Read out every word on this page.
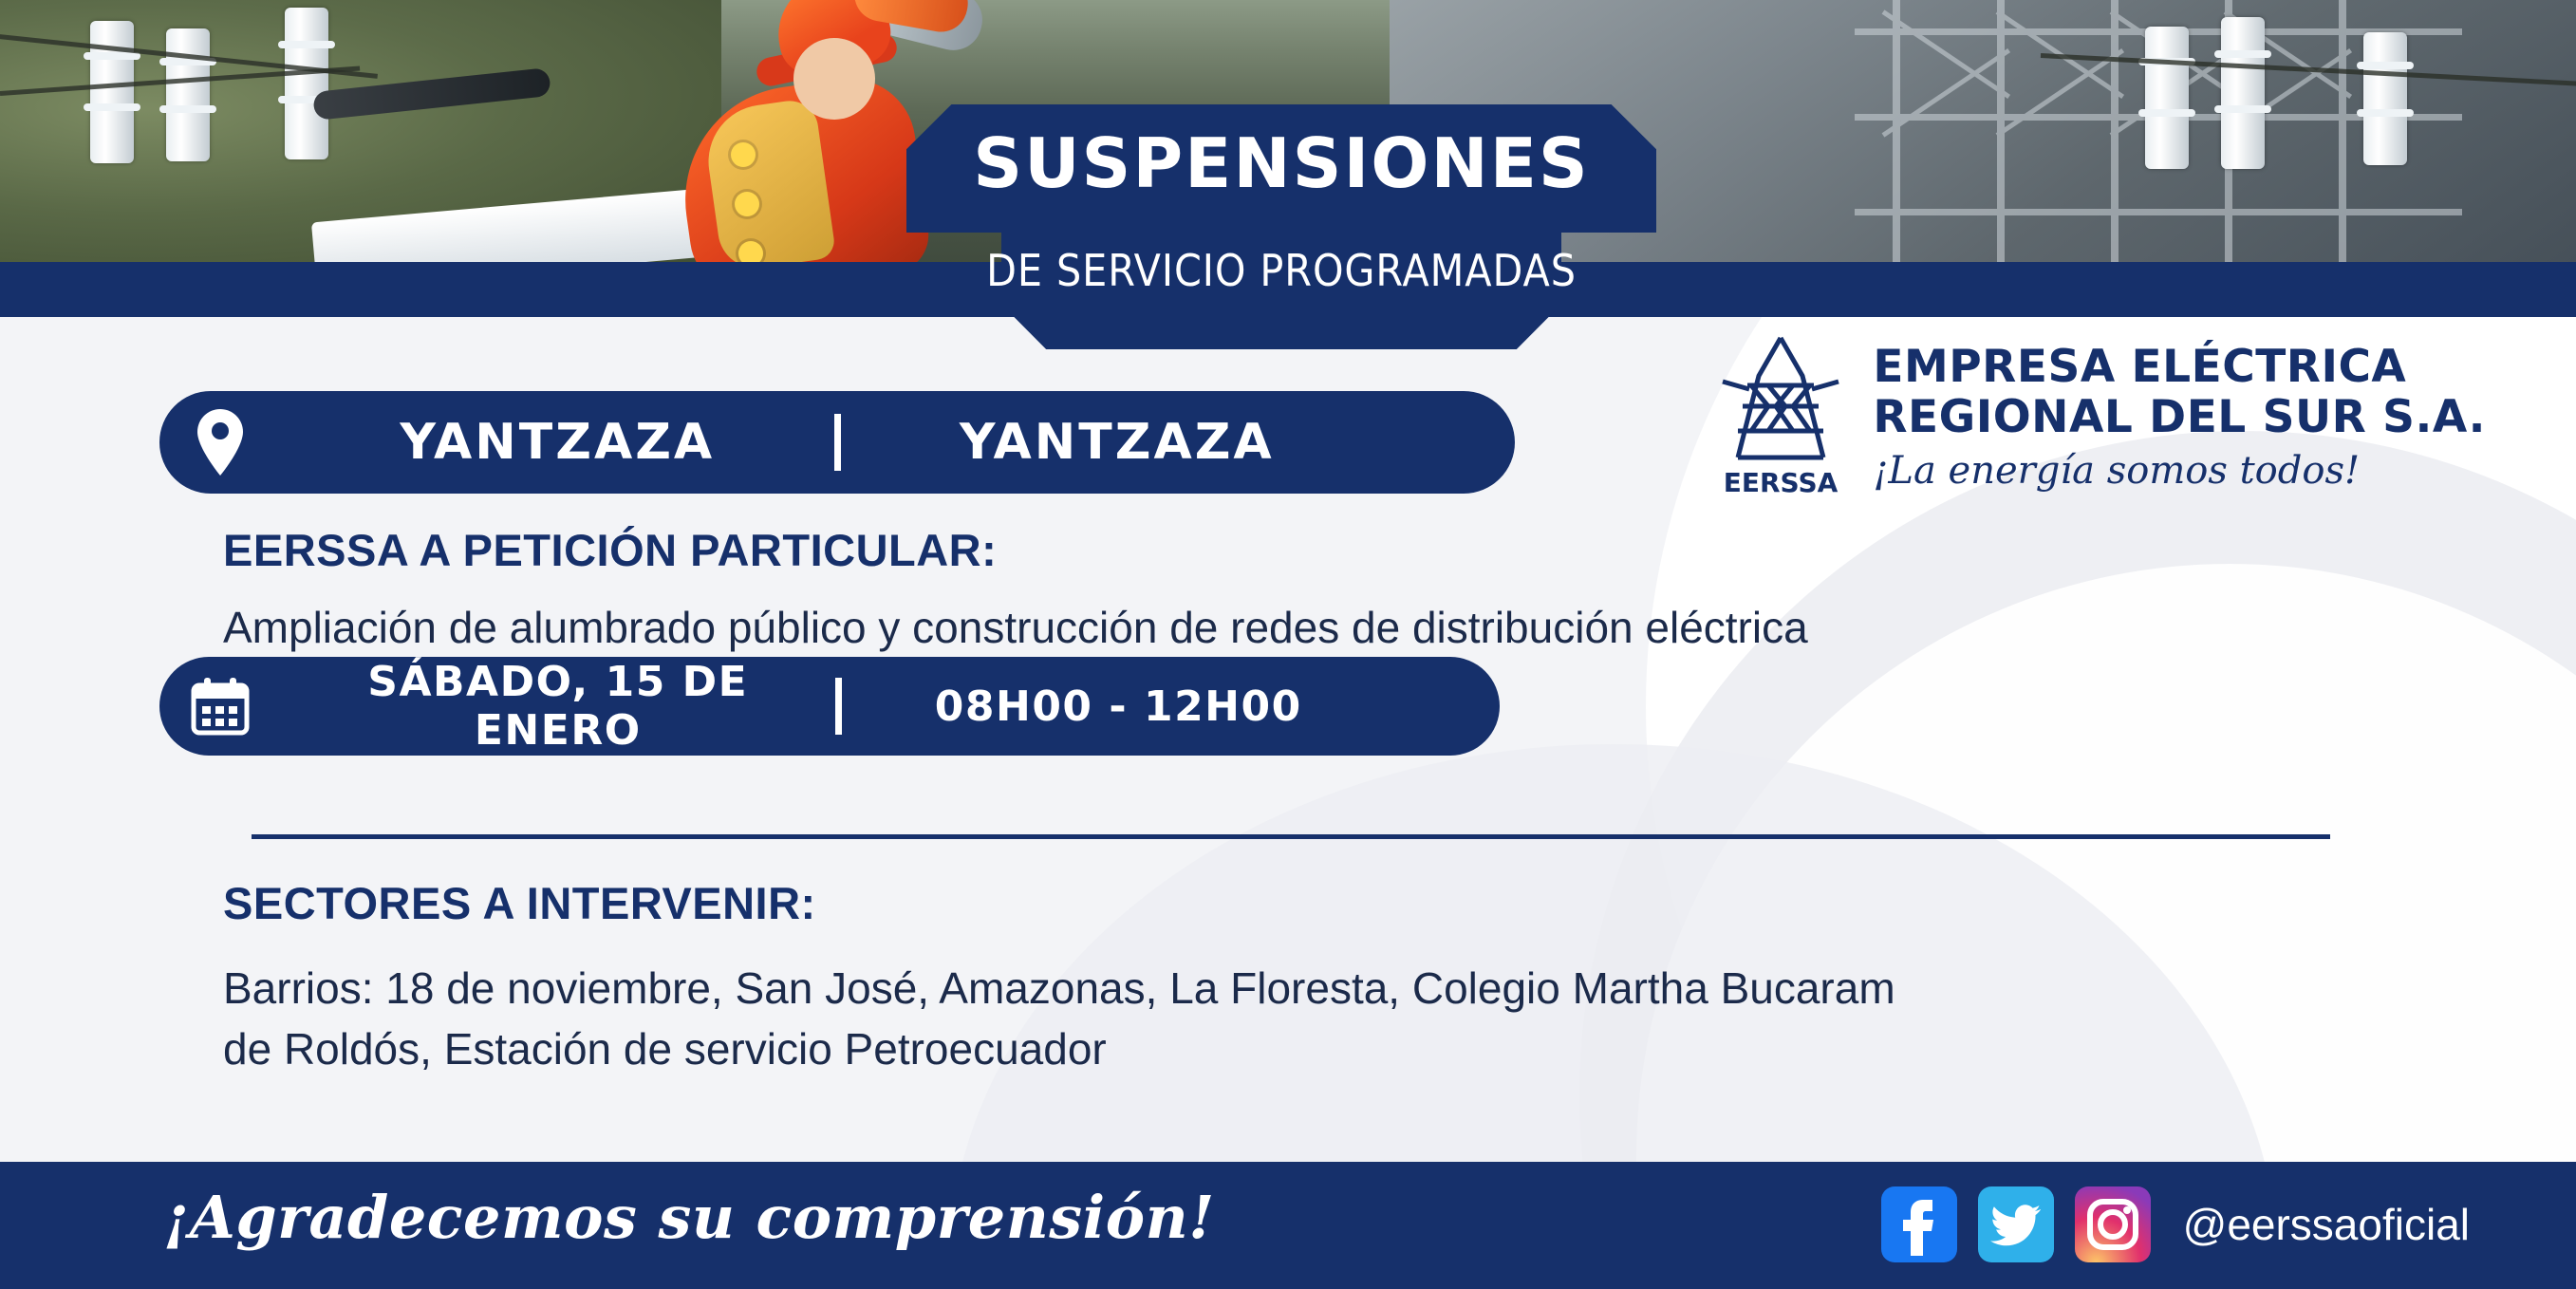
SUSPENSIONES
DE SERVICIO PROGRAMADAS
EERSSA
EMPRESA ELÉCTRICA
REGIONAL DEL SUR S.A.
¡La energía somos todos!
YANTZAZA	YANTZAZA
EERSSA A PETICIÓN PARTICULAR:
Ampliación de alumbrado público y construcción de redes de distribución eléctrica
SÁBADO, 15 DE ENERO	08H00 - 12H00
SECTORES A INTERVENIR:
Barrios: 18 de noviembre, San José, Amazonas, La Floresta, Colegio Martha Bucaram
de Roldós, Estación de servicio Petroecuador
¡Agradecemos su comprensión!	@eerssaoficial
